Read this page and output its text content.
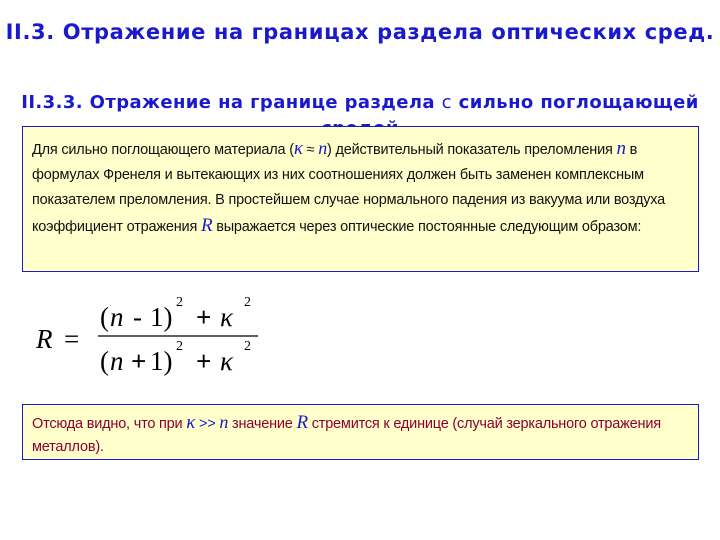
II.3. Отражение на границах раздела оптических сред.
II.3.3. Отражение на границе раздела с сильно поглощающей
Для сильно поглощающего материала (κ ≈ n) действительный показатель преломления n в формулах Френеля и вытекающих из них соотношениях должен быть заменен комплексным показателем преломления. В простейшем случае нормального падения из вакуума или воздуха коэффициент отражения R выражается через оптические постоянные следующим образом:
R =
( n - 1) 2 + κ 2
( n + 1) 2 + κ 2
Отсюда видно, что при κ >> n значение R стремится к единице (случай зеркального отражения металлов).
